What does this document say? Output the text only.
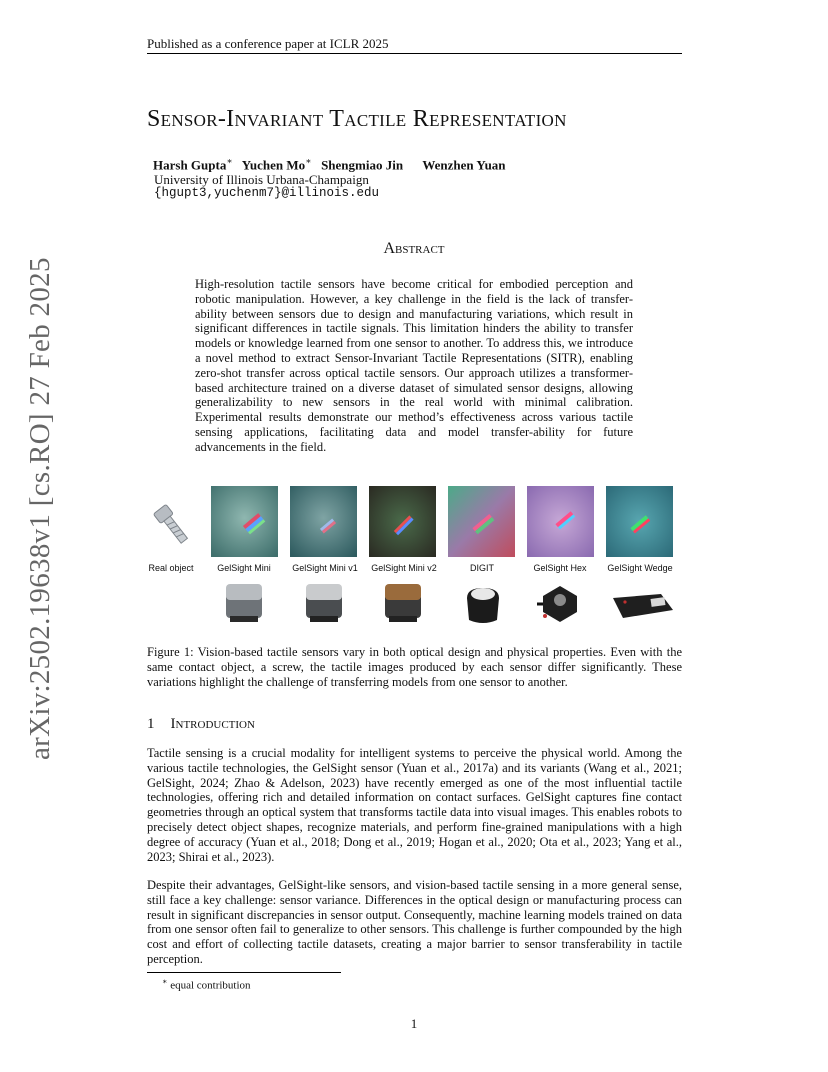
Published as a conference paper at ICLR 2025
arXiv:2502.19638v1 [cs.RO] 27 Feb 2025
Sensor-Invariant Tactile Representation
Harsh Gupta∗ Yuchen Mo∗ Shengmiao Jin Wenzhen Yuan
University of Illinois Urbana-Champaign
{hgupt3,yuchenm7}@illinois.edu
Abstract
High-resolution tactile sensors have become critical for embodied perception and robotic manipulation. However, a key challenge in the field is the lack of transfer-ability between sensors due to design and manufacturing variations, which result in significant differences in tactile signals. This limitation hinders the ability to transfer models or knowledge learned from one sensor to another. To address this, we introduce a novel method to extract Sensor-Invariant Tactile Representations (SITR), enabling zero-shot transfer across optical tactile sensors. Our approach utilizes a transformer-based architecture trained on a diverse dataset of simulated sensor designs, allowing generalizability to new sensors in the real world with minimal calibration. Experimental results demonstrate our method’s effectiveness across various tactile sensing applications, facilitating data and model transfer-ability for future advancements in the field.
Real object	GelSight Mini	GelSight Mini v1	GelSight Mini v2	DIGIT	GelSight Hex	GelSight Wedge
Figure 1: Vision-based tactile sensors vary in both optical design and physical properties. Even with the same contact object, a screw, the tactile images produced by each sensor differ significantly. These variations highlight the challenge of transferring models from one sensor to another.
1 Introduction

Tactile sensing is a crucial modality for intelligent systems to perceive the physical world. Among the various tactile technologies, the GelSight sensor (Yuan et al., 2017a) and its variants (Wang et al., 2021; GelSight, 2024; Zhao & Adelson, 2023) have recently emerged as one of the most influential tactile technologies, offering rich and detailed information on contact surfaces. GelSight captures fine contact geometries through an optical system that transforms tactile data into visual images. This enables robots to precisely detect object shapes, recognize materials, and perform fine-grained manipulations with a high degree of accuracy (Yuan et al., 2018; Dong et al., 2019; Hogan et al., 2020; Ota et al., 2023; Yang et al., 2023; Shirai et al., 2023).

Despite their advantages, GelSight-like sensors, and vision-based tactile sensing in a more general sense, still face a key challenge: sensor variance. Differences in the optical design or manufacturing process can result in significant discrepancies in sensor output. Consequently, machine learning models trained on data from one sensor often fail to generalize to other sensors. This challenge is further compounded by the high cost and effort of collecting tactile datasets, creating a major barrier to sensor transferability in tactile perception.

∗ equal contribution
1
